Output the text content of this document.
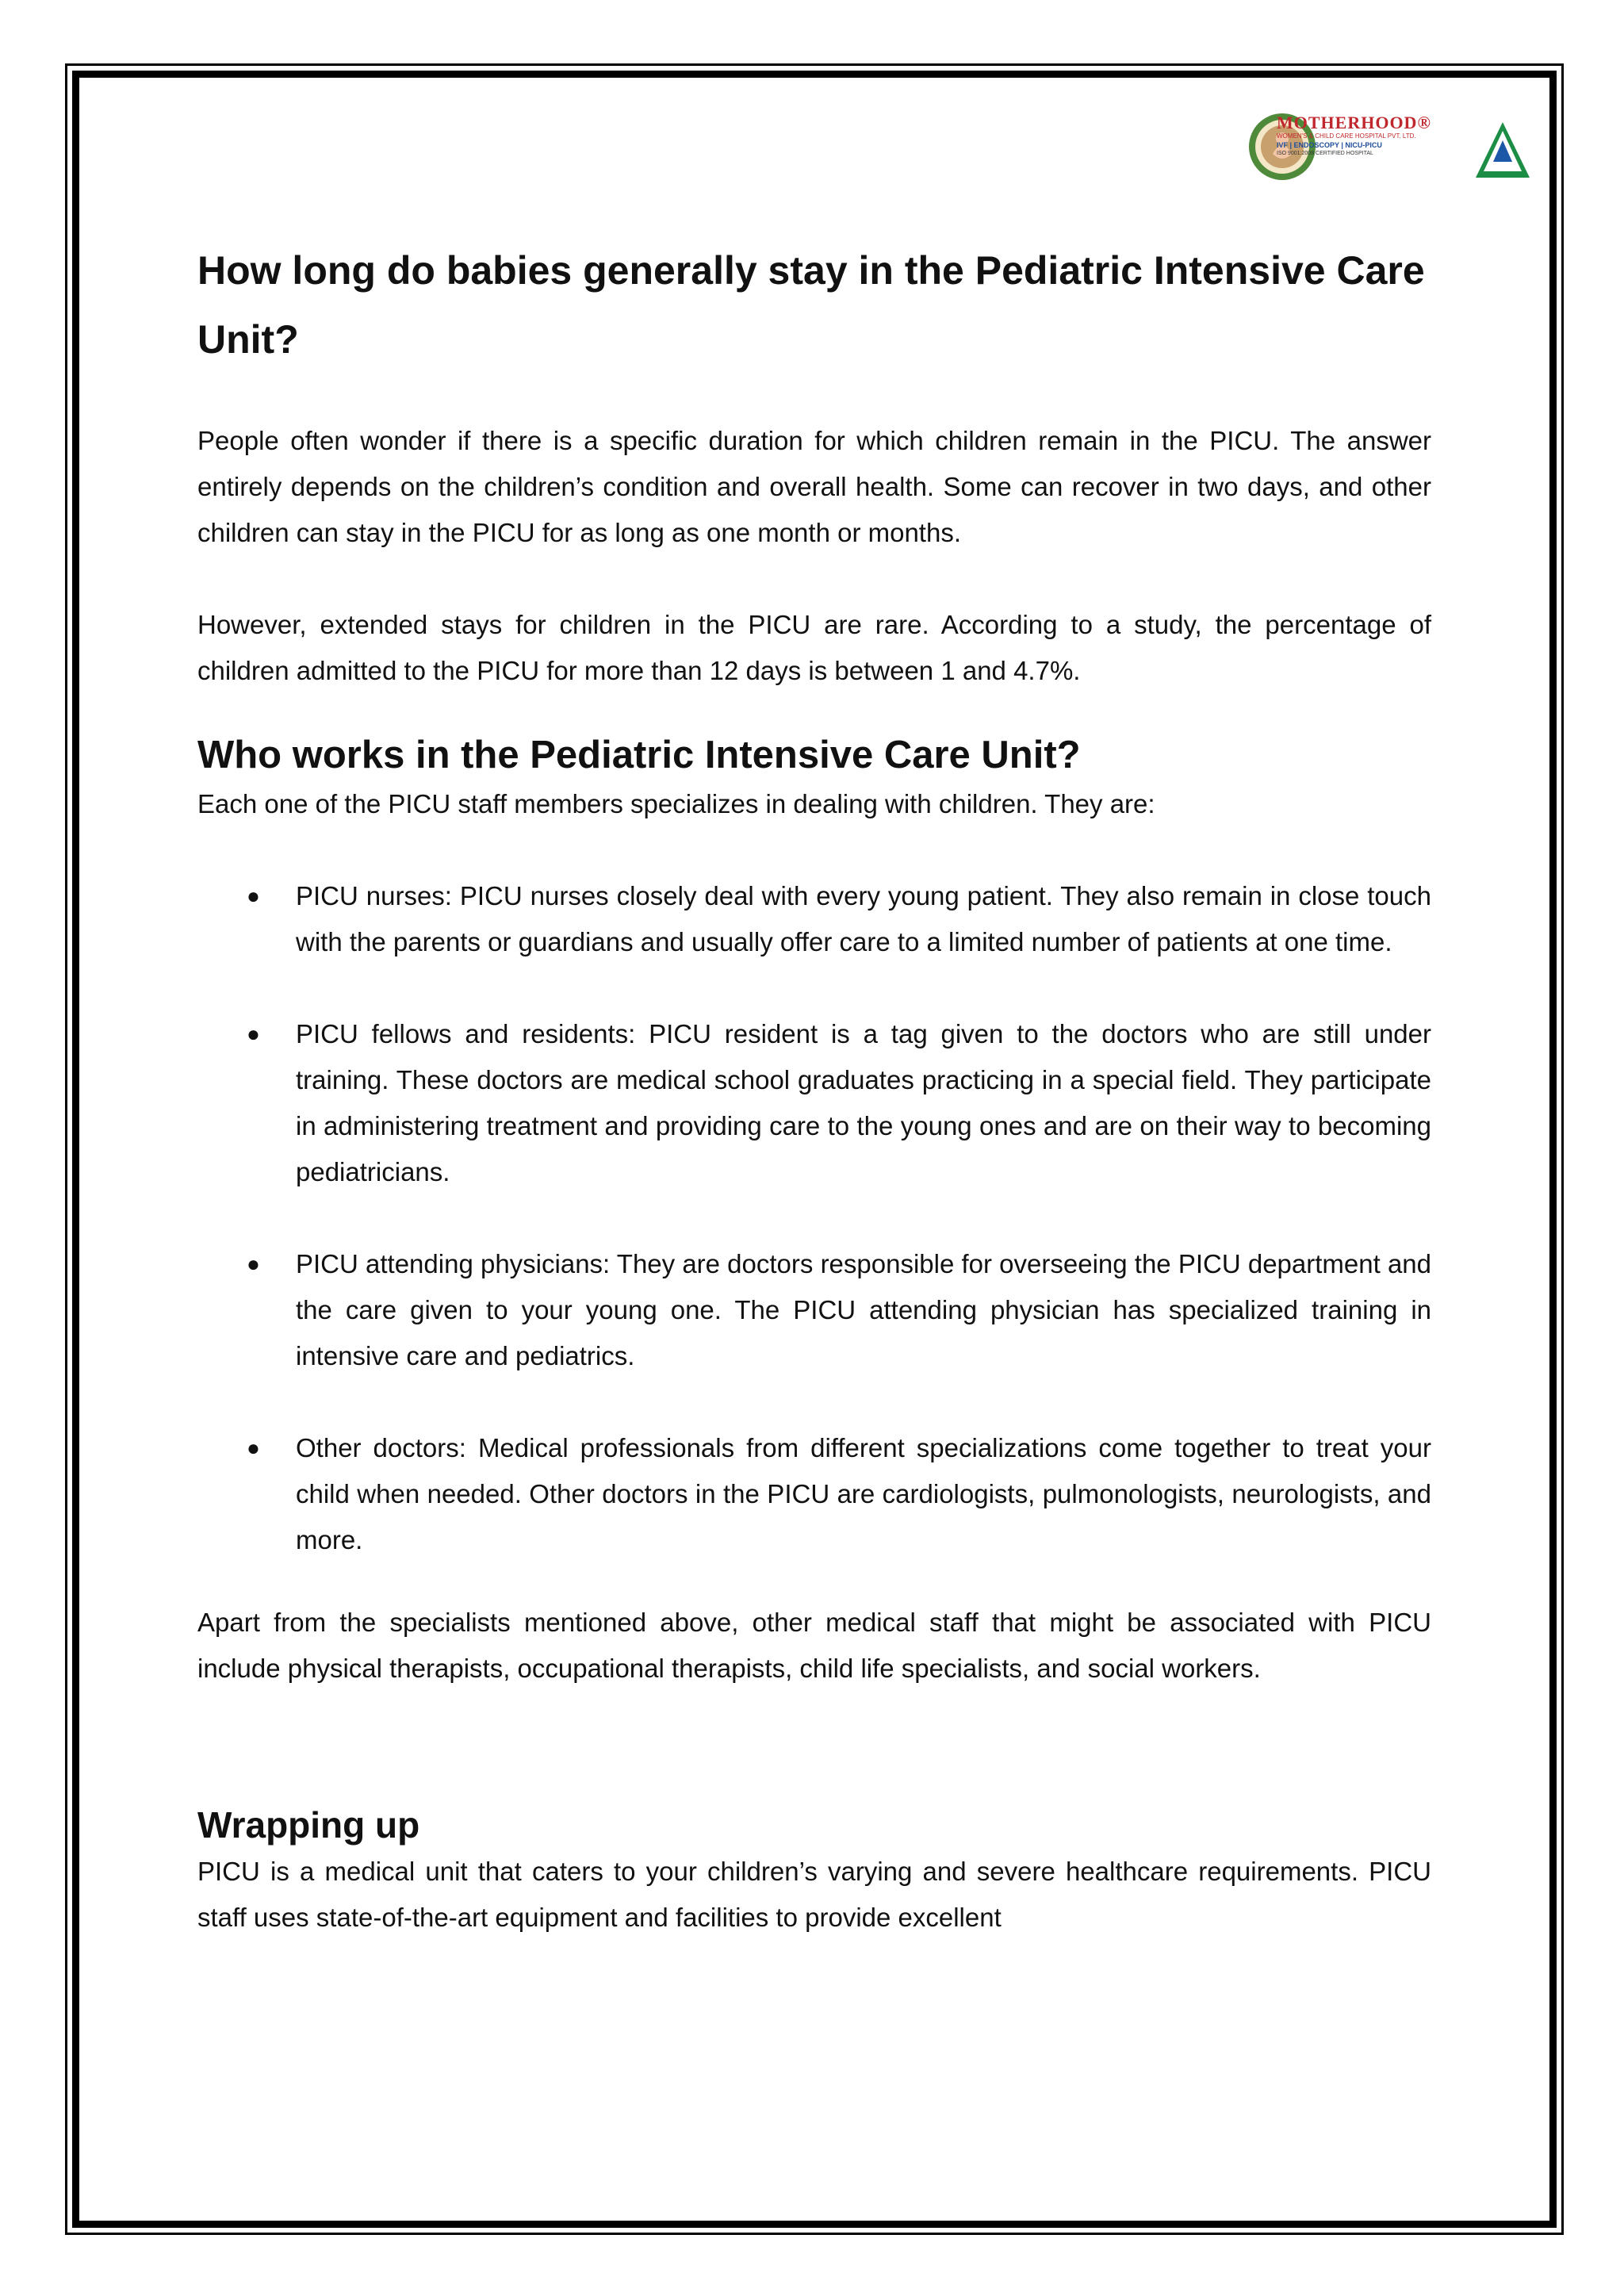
MOTHERHOOD®
WOMEN'S & CHILD CARE HOSPITAL PVT. LTD.
IVF | ENDOSCOPY | NICU-PICU
ISO 9001:2008 CERTIFIED HOSPITAL
How long do babies generally stay in the Pediatric Intensive Care Unit?

People often wonder if there is a specific duration for which children remain in the PICU. The answer entirely depends on the children’s condition and overall health. Some can recover in two days, and other children can stay in the PICU for as long as one month or months.

However, extended stays for children in the PICU are rare. According to a study, the percentage of children admitted to the PICU for more than 12 days is between 1 and 4.7%.

Who works in the Pediatric Intensive Care Unit?

Each one of the PICU staff members specializes in dealing with children. They are:

● PICU nurses: PICU nurses closely deal with every young patient. They also remain in close touch with the parents or guardians and usually offer care to a limited number of patients at one time.
● PICU fellows and residents: PICU resident is a tag given to the doctors who are still under training. These doctors are medical school graduates practicing in a special field. They participate in administering treatment and providing care to the young ones and are on their way to becoming pediatricians.
● PICU attending physicians: They are doctors responsible for overseeing the PICU department and the care given to your young one. The PICU attending physician has specialized training in intensive care and pediatrics.
● Other doctors: Medical professionals from different specializations come together to treat your child when needed. Other doctors in the PICU are cardiologists, pulmonologists, neurologists, and more.

Apart from the specialists mentioned above, other medical staff that might be associated with PICU include physical therapists, occupational therapists, child life specialists, and social workers.

Wrapping up

PICU is a medical unit that caters to your children’s varying and severe healthcare requirements. PICU staff uses state-of-the-art equipment and facilities to provide excellent
